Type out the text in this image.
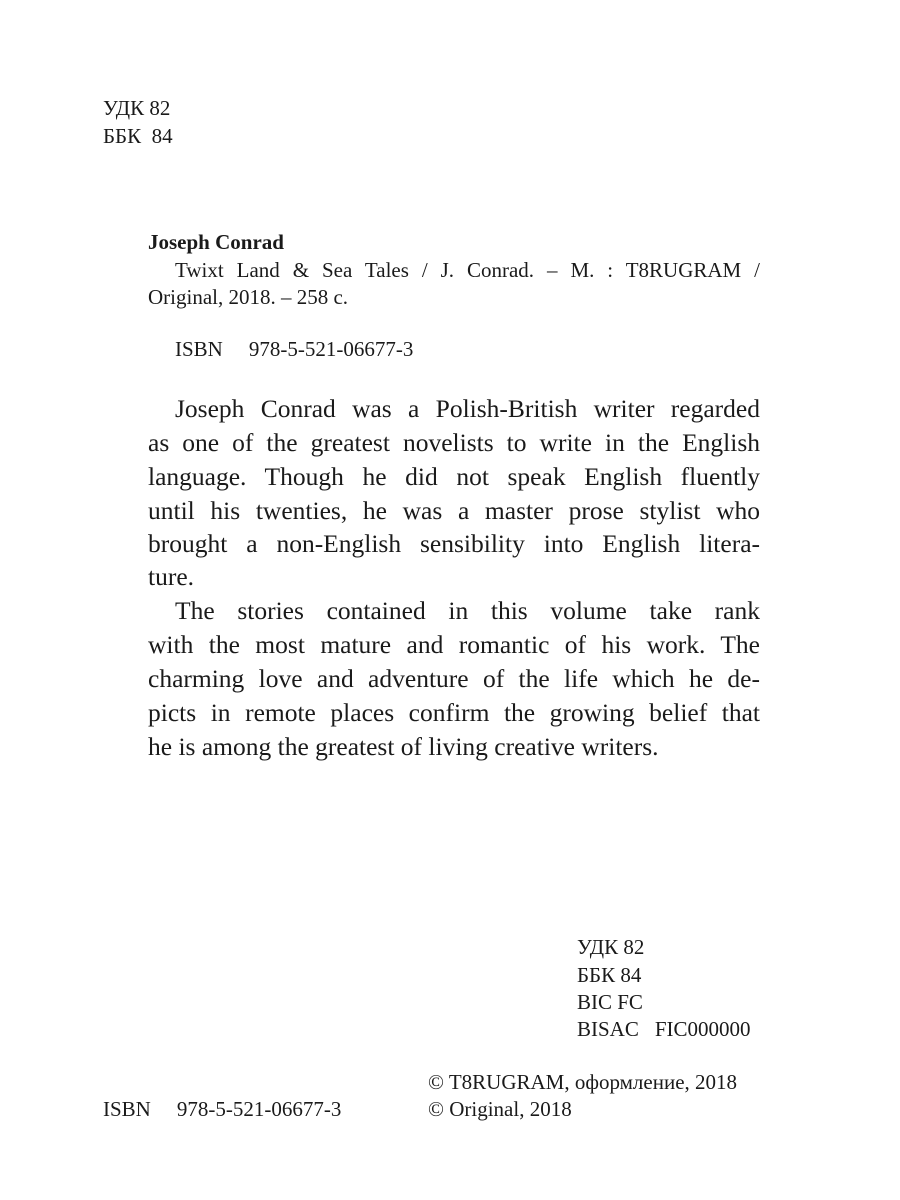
УДК 82
ББК  84
Joseph Conrad
Twixt Land & Sea Tales / J. Conrad. – M. : T8RUGRAM /
Original, 2018. – 258 c.
ISBN 978-5-521-06677-3
Joseph Conrad was a Polish-British writer regarded
as one of the greatest novelists to write in the English
language. Though he did not speak English fluently
until his twenties, he was a master prose stylist who
brought a non-English sensibility into English litera-
ture.
The stories contained in this volume take rank
with the most mature and romantic of his work. The
charming love and adventure of the life which he de-
picts in remote places confirm the growing belief that
he is among the greatest of living creative writers.
УДК 82
ББК 84
BIC FC
BISAC FIC000000
© T8RUGRAM, оформление, 2018
© Original, 2018
ISBN 978-5-521-06677-3
